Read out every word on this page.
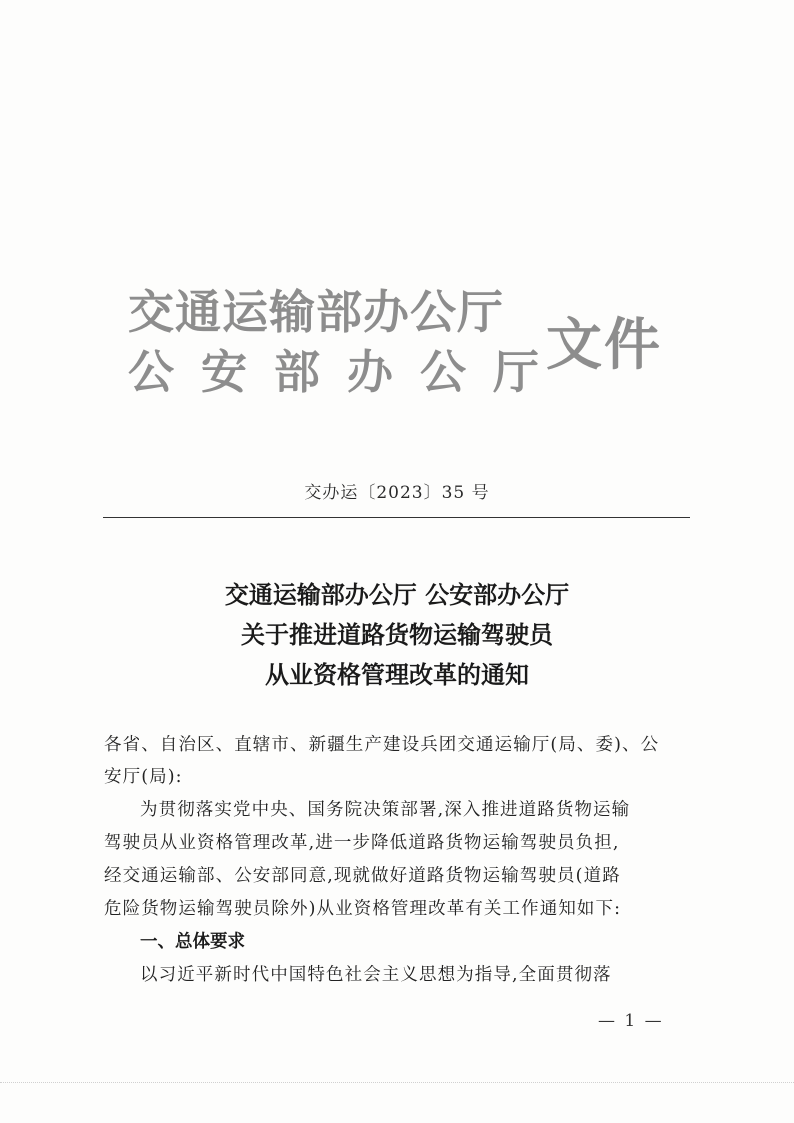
交通运输部办公厅
公安部办公厅
文件
交办运〔2023〕35 号
交通运输部办公厅 公安部办公厅
关于推进道路货物运输驾驶员
从业资格管理改革的通知
各省、自治区、直辖市、新疆生产建设兵团交通运输厅(局、委)、公
安厅(局):
为贯彻落实党中央、国务院决策部署,深入推进道路货物运输
驾驶员从业资格管理改革,进一步降低道路货物运输驾驶员负担,
经交通运输部、公安部同意,现就做好道路货物运输驾驶员(道路
危险货物运输驾驶员除外)从业资格管理改革有关工作通知如下:
一、总体要求
以习近平新时代中国特色社会主义思想为指导,全面贯彻落
— 1 —
